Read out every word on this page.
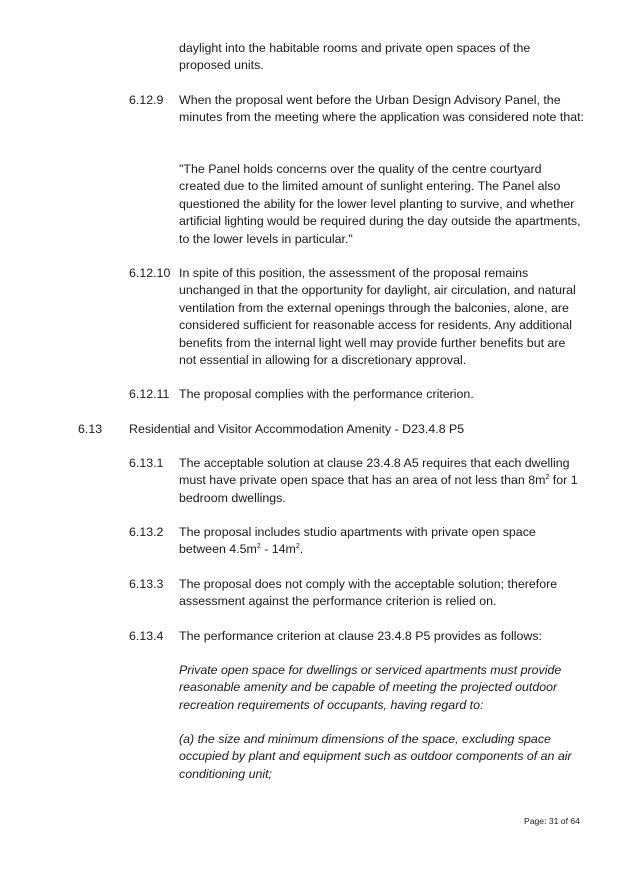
daylight into the habitable rooms and private open spaces of the proposed units.

6.12.9 When the proposal went before the Urban Design Advisory Panel, the minutes from the meeting where the application was considered note that:

"The Panel holds concerns over the quality of the centre courtyard created due to the limited amount of sunlight entering. The Panel also questioned the ability for the lower level planting to survive, and whether artificial lighting would be required during the day outside the apartments, to the lower levels in particular."

6.12.10 In spite of this position, the assessment of the proposal remains unchanged in that the opportunity for daylight, air circulation, and natural ventilation from the external openings through the balconies, alone, are considered sufficient for reasonable access for residents. Any additional benefits from the internal light well may provide further benefits but are not essential in allowing for a discretionary approval.

6.12.11 The proposal complies with the performance criterion.

6.13 Residential and Visitor Accommodation Amenity - D23.4.8 P5
6.13.1 The acceptable solution at clause 23.4.8 A5 requires that each dwelling must have private open space that has an area of not less than $8m^2$ for 1 bedroom dwellings.

6.13.2 The proposal includes studio apartments with private open space between $4.5m^2 - 14m^2$.

6.13.3 The proposal does not comply with the acceptable solution; therefore assessment against the performance criterion is relied on.

6.13.4 The performance criterion at clause 23.4.8 P5 provides as follows:

Private open space for dwellings or serviced apartments must provide reasonable amenity and be capable of meeting the projected outdoor recreation requirements of occupants, having regard to:

(a) the size and minimum dimensions of the space, excluding space occupied by plant and equipment such as outdoor components of an air conditioning unit;

Page: 31 of 64
